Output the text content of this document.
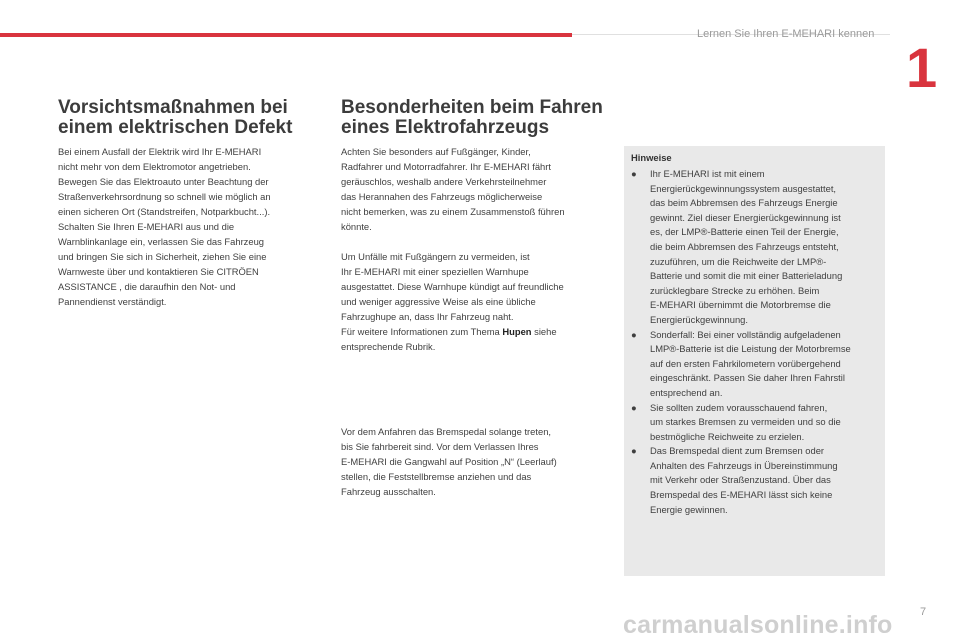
Lernen Sie Ihren E-MEHARI kennen
1
Vorsichtsmaßnahmen bei
einem elektrischen Defekt
Bei einem Ausfall der Elektrik wird Ihr E-MEHARI
nicht mehr von dem Elektromotor angetrieben.
Bewegen Sie das Elektroauto unter Beachtung der
Straßenverkehrsordnung so schnell wie möglich an
einen sicheren Ort (Standstreifen, Notparkbucht...).
Schalten Sie Ihren E-MEHARI aus und die
Warnblinkanlage ein, verlassen Sie das Fahrzeug
und bringen Sie sich in Sicherheit, ziehen Sie eine
Warnweste über und kontaktieren Sie CITRÖEN
ASSISTANCE , die daraufhin den Not- und
Pannendienst verständigt.
Besonderheiten beim Fahren
eines Elektrofahrzeugs
Achten Sie besonders auf Fußgänger, Kinder,
Radfahrer und Motorradfahrer. Ihr E-MEHARI fährt
geräuschlos, weshalb andere Verkehrsteilnehmer
das Herannahen des Fahrzeugs möglicherweise
nicht bemerken, was zu einem Zusammenstoß führen
könnte.
Um Unfälle mit Fußgängern zu vermeiden, ist
Ihr E-MEHARI mit einer speziellen Warnhupe
ausgestattet. Diese Warnhupe kündigt auf freundliche
und weniger aggressive Weise als eine übliche
Fahrzughupe an, dass Ihr Fahrzeug naht.
Für weitere Informationen zum Thema Hupen siehe
entsprechende Rubrik.
Vor dem Anfahren das Bremspedal solange treten,
bis Sie fahrbereit sind. Vor dem Verlassen Ihres
E-MEHARI die Gangwahl auf Position „N“ (Leerlauf)
stellen, die Feststellbremse anziehen und das
Fahrzeug ausschalten.
Hinweise
● Ihr E-MEHARI ist mit einem
Energierückgewinnungssystem ausgestattet,
das beim Abbremsen des Fahrzeugs Energie
gewinnt. Ziel dieser Energierückgewinnung ist
es, der LMP®-Batterie einen Teil der Energie,
die beim Abbremsen des Fahrzeugs entsteht,
zuzuführen, um die Reichweite der LMP®-
Batterie und somit die mit einer Batterieladung
zurücklegbare Strecke zu erhöhen. Beim
E-MEHARI übernimmt die Motorbremse die
Energierückgewinnung.
● Sonderfall: Bei einer vollständig aufgeladenen
LMP®-Batterie ist die Leistung der Motorbremse
auf den ersten Fahrkilometern vorübergehend
eingeschränkt. Passen Sie daher Ihren Fahrstil
entsprechend an.
● Sie sollten zudem vorausschauend fahren,
um starkes Bremsen zu vermeiden und so die
bestmögliche Reichweite zu erzielen.
● Das Bremspedal dient zum Bremsen oder
Anhalten des Fahrzeugs in Übereinstimmung
mit Verkehr oder Straßenzustand. Über das
Bremspedal des E-MEHARI lässt sich keine
Energie gewinnen.
7
carmanualsonline.info
